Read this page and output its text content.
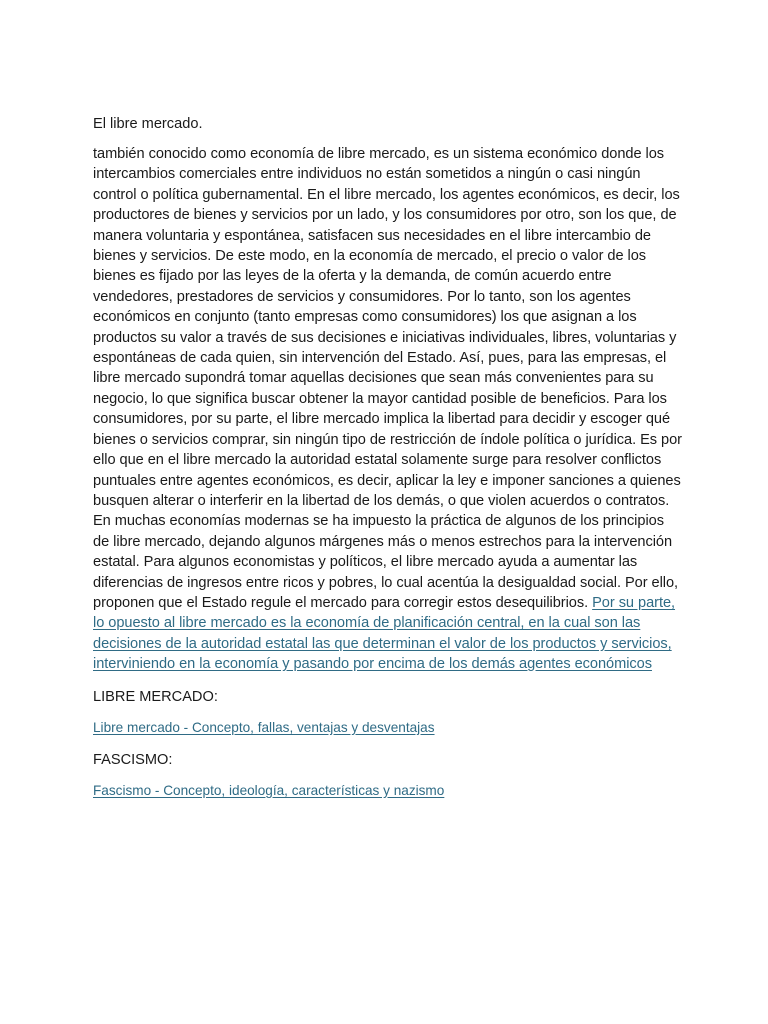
El libre mercado.

también conocido como economía de libre mercado, es un sistema económico donde los intercambios comerciales entre individuos no están sometidos a ningún o casi ningún control o política gubernamental. En el libre mercado, los agentes económicos, es decir, los productores de bienes y servicios por un lado, y los consumidores por otro, son los que, de manera voluntaria y espontánea, satisfacen sus necesidades en el libre intercambio de bienes y servicios. De este modo, en la economía de mercado, el precio o valor de los bienes es fijado por las leyes de la oferta y la demanda, de común acuerdo entre vendedores, prestadores de servicios y consumidores. Por lo tanto, son los agentes económicos en conjunto (tanto empresas como consumidores) los que asignan a los productos su valor a través de sus decisiones e iniciativas individuales, libres, voluntarias y espontáneas de cada quien, sin intervención del Estado. Así, pues, para las empresas, el libre mercado supondrá tomar aquellas decisiones que sean más convenientes para su negocio, lo que significa buscar obtener la mayor cantidad posible de beneficios. Para los consumidores, por su parte, el libre mercado implica la libertad para decidir y escoger qué bienes o servicios comprar, sin ningún tipo de restricción de índole política o jurídica. Es por ello que en el libre mercado la autoridad estatal solamente surge para resolver conflictos puntuales entre agentes económicos, es decir, aplicar la ley e imponer sanciones a quienes busquen alterar o interferir en la libertad de los demás, o que violen acuerdos o contratos. En muchas economías modernas se ha impuesto la práctica de algunos de los principios de libre mercado, dejando algunos márgenes más o menos estrechos para la intervención estatal. Para algunos economistas y políticos, el libre mercado ayuda a aumentar las diferencias de ingresos entre ricos y pobres, lo cual acentúa la desigualdad social. Por ello, proponen que el Estado regule el mercado para corregir estos desequilibrios. Por su parte, lo opuesto al libre mercado es la economía de planificación central, en la cual son las decisiones de la autoridad estatal las que determinan el valor de los productos y servicios, interviniendo en la economía y pasando por encima de los demás agentes económicos

LIBRE MERCADO:

Libre mercado - Concepto, fallas, ventajas y desventajas

FASCISMO:

Fascismo - Concepto, ideología, características y nazismo
